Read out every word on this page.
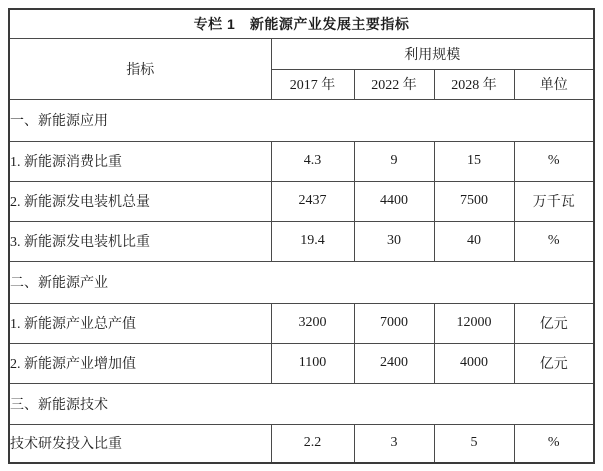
专栏 1　新能源产业发展主要指标				
指标	利用规模			
	2017 年	2022 年	2028 年	单位
一、新能源应用				
1. 新能源消费比重	4.3	9	15	%
2. 新能源发电装机总量	2437	4400	7500	万千瓦
3. 新能源发电装机比重	19.4	30	40	%
二、新能源产业				
1. 新能源产业总产值	3200	7000	12000	亿元
2. 新能源产业增加值	1100	2400	4000	亿元
三、新能源技术				
技术研发投入比重	2.2	3	5	%
